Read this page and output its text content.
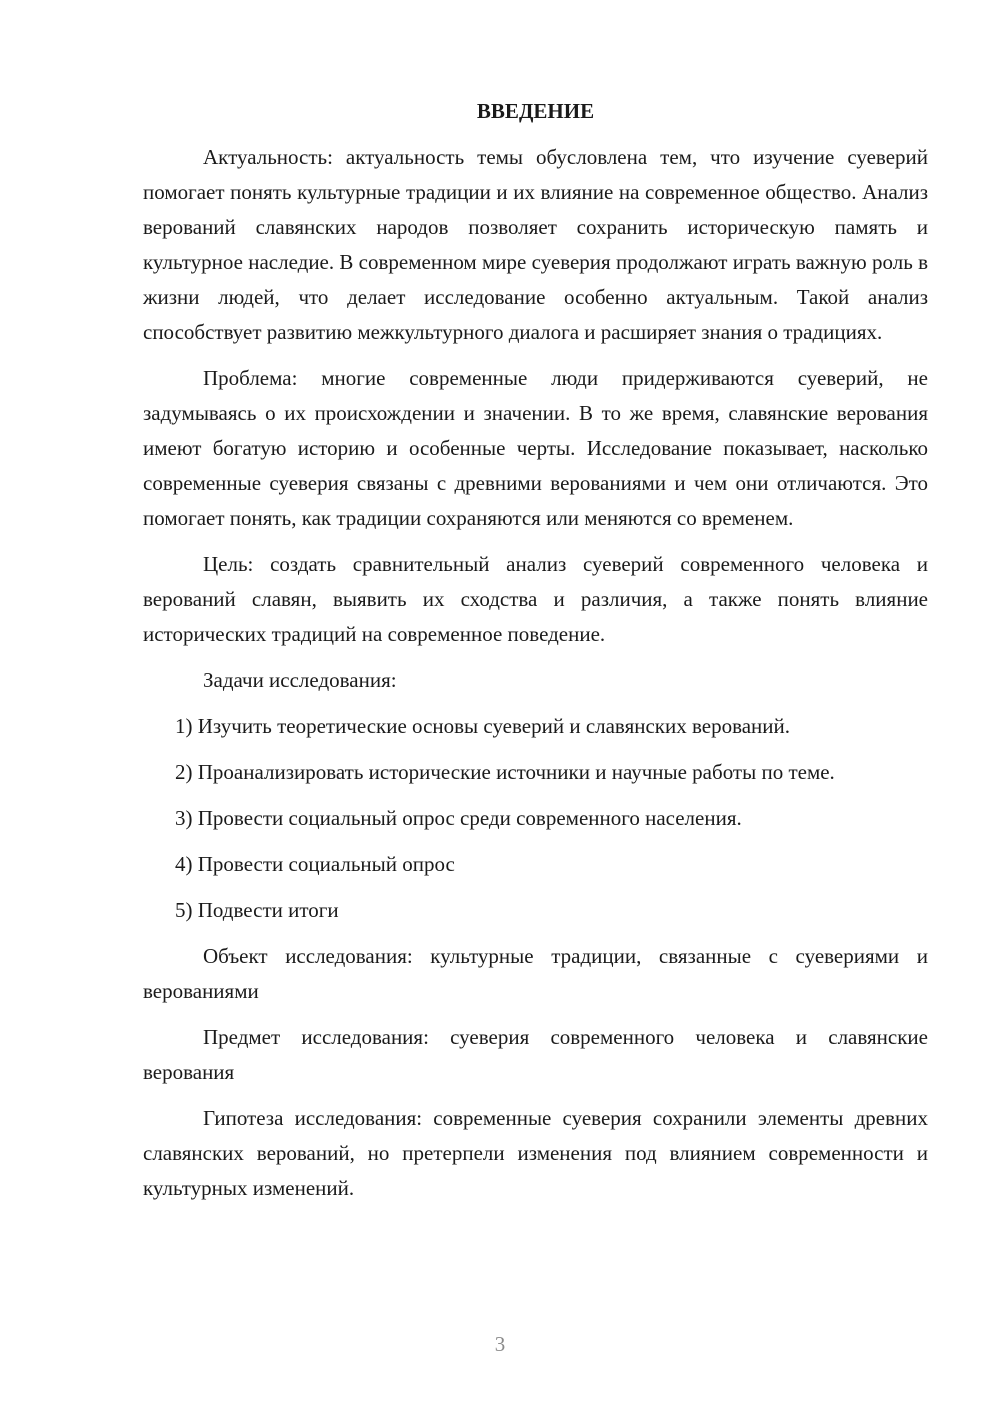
ВВЕДЕНИЕ

Актуальность: актуальность темы обусловлена тем, что изучение суеверий помогает понять культурные традиции и их влияние на современное общество. Анализ верований славянских народов позволяет сохранить историческую память и культурное наследие. В современном мире суеверия продолжают играть важную роль в жизни людей, что делает исследование особенно актуальным. Такой анализ способствует развитию межкультурного диалога и расширяет знания о традициях.

Проблема: многие современные люди придерживаются суеверий, не задумываясь о их происхождении и значении. В то же время, славянские верования имеют богатую историю и особенные черты. Исследование показывает, насколько современные суеверия связаны с древними верованиями и чем они отличаются. Это помогает понять, как традиции сохраняются или меняются со временем.

Цель: создать сравнительный анализ суеверий современного человека и верований славян, выявить их сходства и различия, а также понять влияние исторических традиций на современное поведение.

Задачи исследования:

1) Изучить теоретические основы суеверий и славянских верований.

2) Проанализировать исторические источники и научные работы по теме.

3) Провести социальный опрос среди современного населения.

4) Провести социальный опрос

5) Подвести итоги

Объект исследования: культурные традиции, связанные с суевериями и верованиями

Предмет исследования: суеверия современного человека и славянские верования

Гипотеза исследования: современные суеверия сохранили элементы древних славянских верований, но претерпели изменения под влиянием современности и культурных изменений.

3
